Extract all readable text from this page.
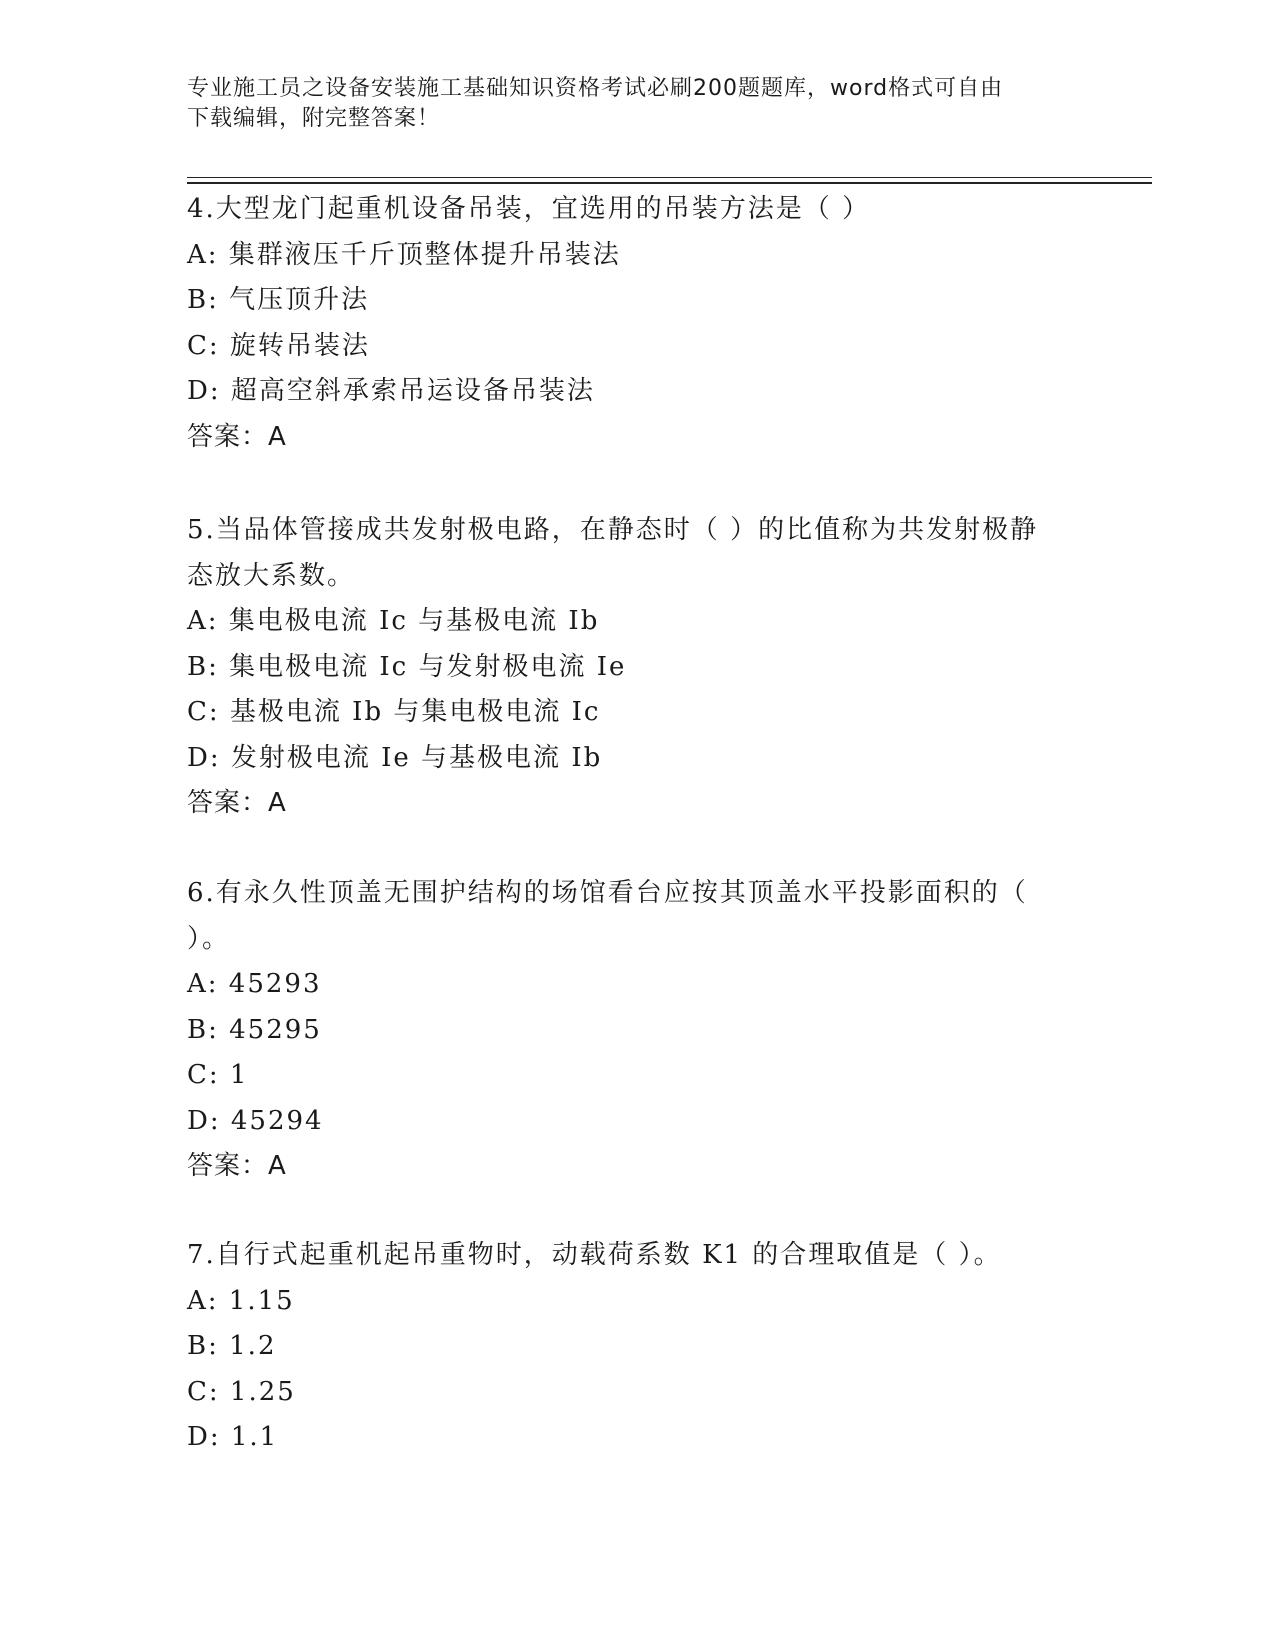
专业施工员之设备安装施工基础知识资格考试必刷200题题库，word格式可自由
下载编辑，附完整答案！
4.大型龙门起重机设备吊装，宜选用的吊装方法是（ ）
A: 集群液压千斤顶整体提升吊装法
B: 气压顶升法
C: 旋转吊装法
D: 超高空斜承索吊运设备吊装法
答案：A
5.当品体管接成共发射极电路，在静态时（ ）的比值称为共发射极静
态放大系数。
A: 集电极电流 Ic 与基极电流 Ib
B: 集电极电流 Ic 与发射极电流 Ie
C: 基极电流 Ib 与集电极电流 Ic
D: 发射极电流 Ie 与基极电流 Ib
答案：A
6.有永久性顶盖无围护结构的场馆看台应按其顶盖水平投影面积的（
）。
A: 45293
B: 45295
C: 1
D: 45294
答案：A
7.自行式起重机起吊重物时，动载荷系数 K1 的合理取值是（ ）。
A: 1.15
B: 1.2
C: 1.25
D: 1.1
